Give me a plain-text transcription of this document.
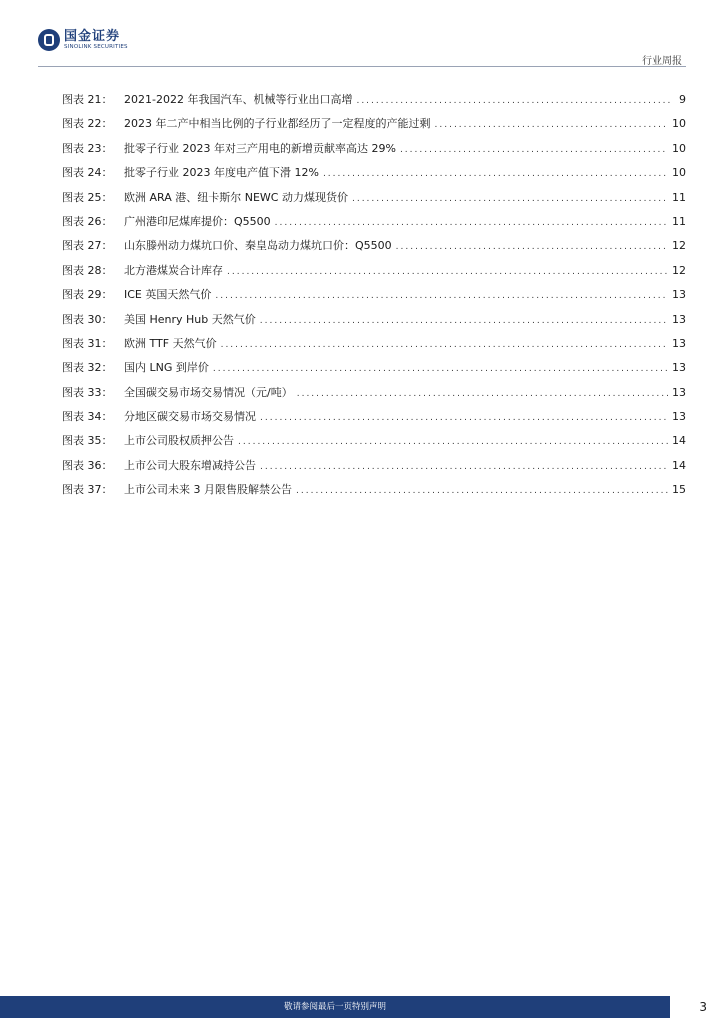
国金证券
SINOLINK SECURITIES
行业周报
图表 21：	2021-2022 年我国汽车、机械等行业出口高增 .....	9
图表 22：	2023 年二产中相当比例的子行业都经历了一定程度的产能过剩 .....	10
图表 23：	批零子行业 2023 年对三产用电的新增贡献率高达 29% .....	10
图表 24：	批零子行业 2023 年度电产值下滑 12% .....	10
图表 25：	欧洲 ARA 港、纽卡斯尔 NEWC 动力煤现货价 .....	11
图表 26：	广州港印尼煤库提价：Q5500 .....	11
图表 27：	山东滕州动力煤坑口价、秦皇岛动力煤坑口价：Q5500 .....	12
图表 28：	北方港煤炭合计库存 .....	12
图表 29：	ICE 英国天然气价 .....	13
图表 30：	美国 Henry Hub 天然气价 .....	13
图表 31：	欧洲 TTF 天然气价 .....	13
图表 32：	国内 LNG 到岸价 .....	13
图表 33：	全国碳交易市场交易情况（元/吨） .....	13
图表 34：	分地区碳交易市场交易情况 .....	13
图表 35：	上市公司股权质押公告 .....	14
图表 36：	上市公司大股东增减持公告 .....	14
图表 37：	上市公司未来 3 月限售股解禁公告 .....	15
敬请参阅最后一页特别声明	3
